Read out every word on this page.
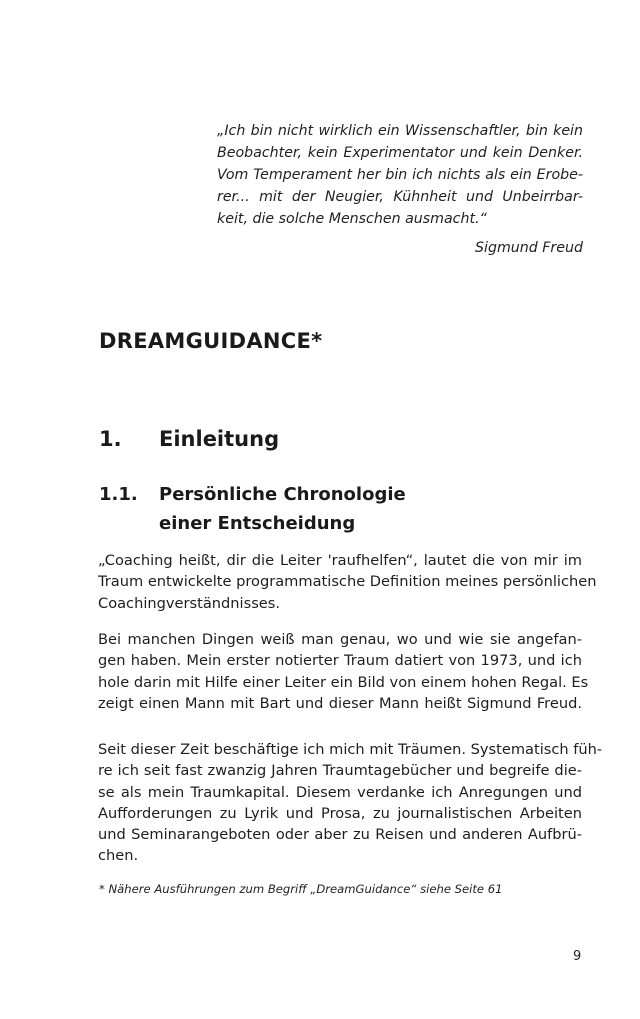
„Ich bin nicht wirklich ein Wissenschaftler, bin kein
Beobachter, kein Experimentator und kein Denker.
Vom Temperament her bin ich nichts als ein Erobe-
rer... mit der Neugier, Kühnheit und Unbeirrbar-
keit, die solche Menschen ausmacht.“
Sigmund Freud
DREAMGUIDANCE*
1. Einleitung
1.1. Persönliche Chronologie
einer Entscheidung

„Coaching heißt, dir die Leiter 'raufhelfen“, lautet die von mir im
Traum entwickelte programmatische Definition meines persönlichen
Coachingverständnisses.

Bei manchen Dingen weiß man genau, wo und wie sie angefan-
gen haben. Mein erster notierter Traum datiert von 1973, und ich
hole darin mit Hilfe einer Leiter ein Bild von einem hohen Regal. Es
zeigt einen Mann mit Bart und dieser Mann heißt Sigmund Freud.

Seit dieser Zeit beschäftige ich mich mit Träumen. Systematisch füh-
re ich seit fast zwanzig Jahren Traumtagebücher und begreife die-
se als mein Traumkapital. Diesem verdanke ich Anregungen und
Aufforderungen zu Lyrik und Prosa, zu journalistischen Arbeiten
und Seminarangeboten oder aber zu Reisen und anderen Aufbrü-
chen.

* Nähere Ausführungen zum Begriff „DreamGuidance“ siehe Seite 61

9
